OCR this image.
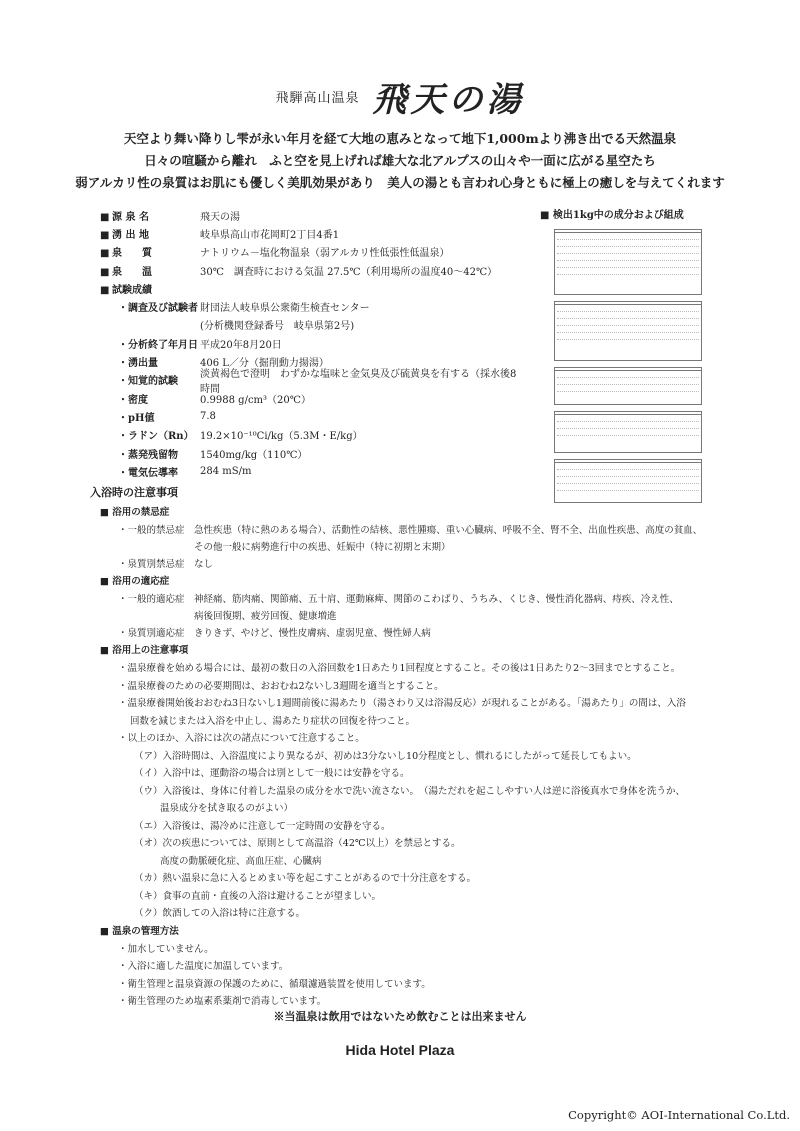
飛騨高山温泉 飛天の湯
天空より舞い降りし雫が永い年月を経て大地の恵みとなって地下1,000mより沸き出でる天然温泉
日々の喧騒から離れ　ふと空を見上げれば雄大な北アルプスの山々や一面に広がる星空たち
弱アルカリ性の泉質はお肌にも優しく美肌効果があり　美人の湯とも言われ心身ともに極上の癒しを与えてくれます
■ 源 泉 名	飛天の湯
■ 湧 出 地	岐阜県高山市花岡町2丁目4番1
■ 泉　　質	ナトリウム－塩化物温泉（弱アルカリ性低張性低温泉）
■ 泉　　温	30℃　調査時における気温 27.5℃（利用場所の温度40～42℃）
■ 試験成績
・調査及び試験者 財団法人岐阜県公衆衛生検査センター
(分析機関登録番号　岐阜県第2号)
・分析終了年月日 平成20年8月20日
・湧出量	406 L／分（掘削動力揚湯）
・知覚的試験
淡黄褐色で澄明　わずかな塩味と金気臭及び硫黄臭を有する（採水後8時間
・密度	0.9988 g/cm³（20℃）
・pH値	7.8
・ラドン（Rn） 19.2×10⁻¹⁰Ci/kg（5.3M・E/kg）
・蒸発残留物	1540mg/kg（110℃）
・電気伝導率	284 mS/m
■ 検出1kg中の成分および組成
入浴時の注意事項
■ 浴用の禁忌症
・一般的禁忌症 急性疾患（特に熱のある場合）、活動性の結核、悪性腫瘍、重い心臓病、呼吸不全、腎不全、出血性疾患、高度の貧血、
その他一般に病勢進行中の疾患、妊娠中（特に初期と末期）
・泉質別禁忌症 なし
■ 浴用の適応症
・一般的適応症 神経痛、筋肉痛、関節痛、五十肩、運動麻痺、関節のこわばり、うちみ、くじき、慢性消化器病、痔疾、冷え性、
病後回復期、疲労回復、健康増進
・泉質別適応症 きりきず、やけど、慢性皮膚病、虚弱児童、慢性婦人病
■ 浴用上の注意事項
・温泉療養を始める場合には、最初の数日の入浴回数を1日あたり1回程度とすること。その後は1日あたり2～3回までとすること。
・温泉療養のための必要期間は、おおむね2ないし3週間を適当とすること。
・温泉療養開始後おおむね3日ないし1週間前後に湯あたり（湯さわり又は浴湯反応）が現れることがある。「湯あたり」の間は、入浴
回数を減じまたは入浴を中止し、湯あたり症状の回復を待つこと。
・以上のほか、入浴には次の諸点について注意すること。
（ア）入浴時間は、入浴温度により異なるが、初めは3分ないし10分程度とし、慣れるにしたがって延長してもよい。
（イ）入浴中は、運動浴の場合は別として一般には安静を守る。
（ウ）入浴後は、身体に付着した温泉の成分を水で洗い流さない。　（湯ただれを起こしやすい人は逆に浴後真水で身体を洗うか、
温泉成分を拭き取るのがよい）
（エ）入浴後は、湯冷めに注意して一定時間の安静を守る。
（オ）次の疾患については、原則として高温浴（42℃以上）を禁忌とする。
高度の動脈硬化症、高血圧症、心臓病
（カ）熱い温泉に急に入るとめまい等を起こすことがあるので十分注意をする。
（キ）食事の直前・直後の入浴は避けることが望ましい。
（ク）飲酒しての入浴は特に注意する。
■ 温泉の管理方法
・加水していません。
・入浴に適した温度に加温しています。
・衛生管理と温泉資源の保護のために、循環濾過装置を使用しています。
・衛生管理のため塩素系薬剤で消毒しています。
※当温泉は飲用ではないため飲むことは出来ません
Hida Hotel Plaza
Copyright© AOI-International Co.Ltd.
